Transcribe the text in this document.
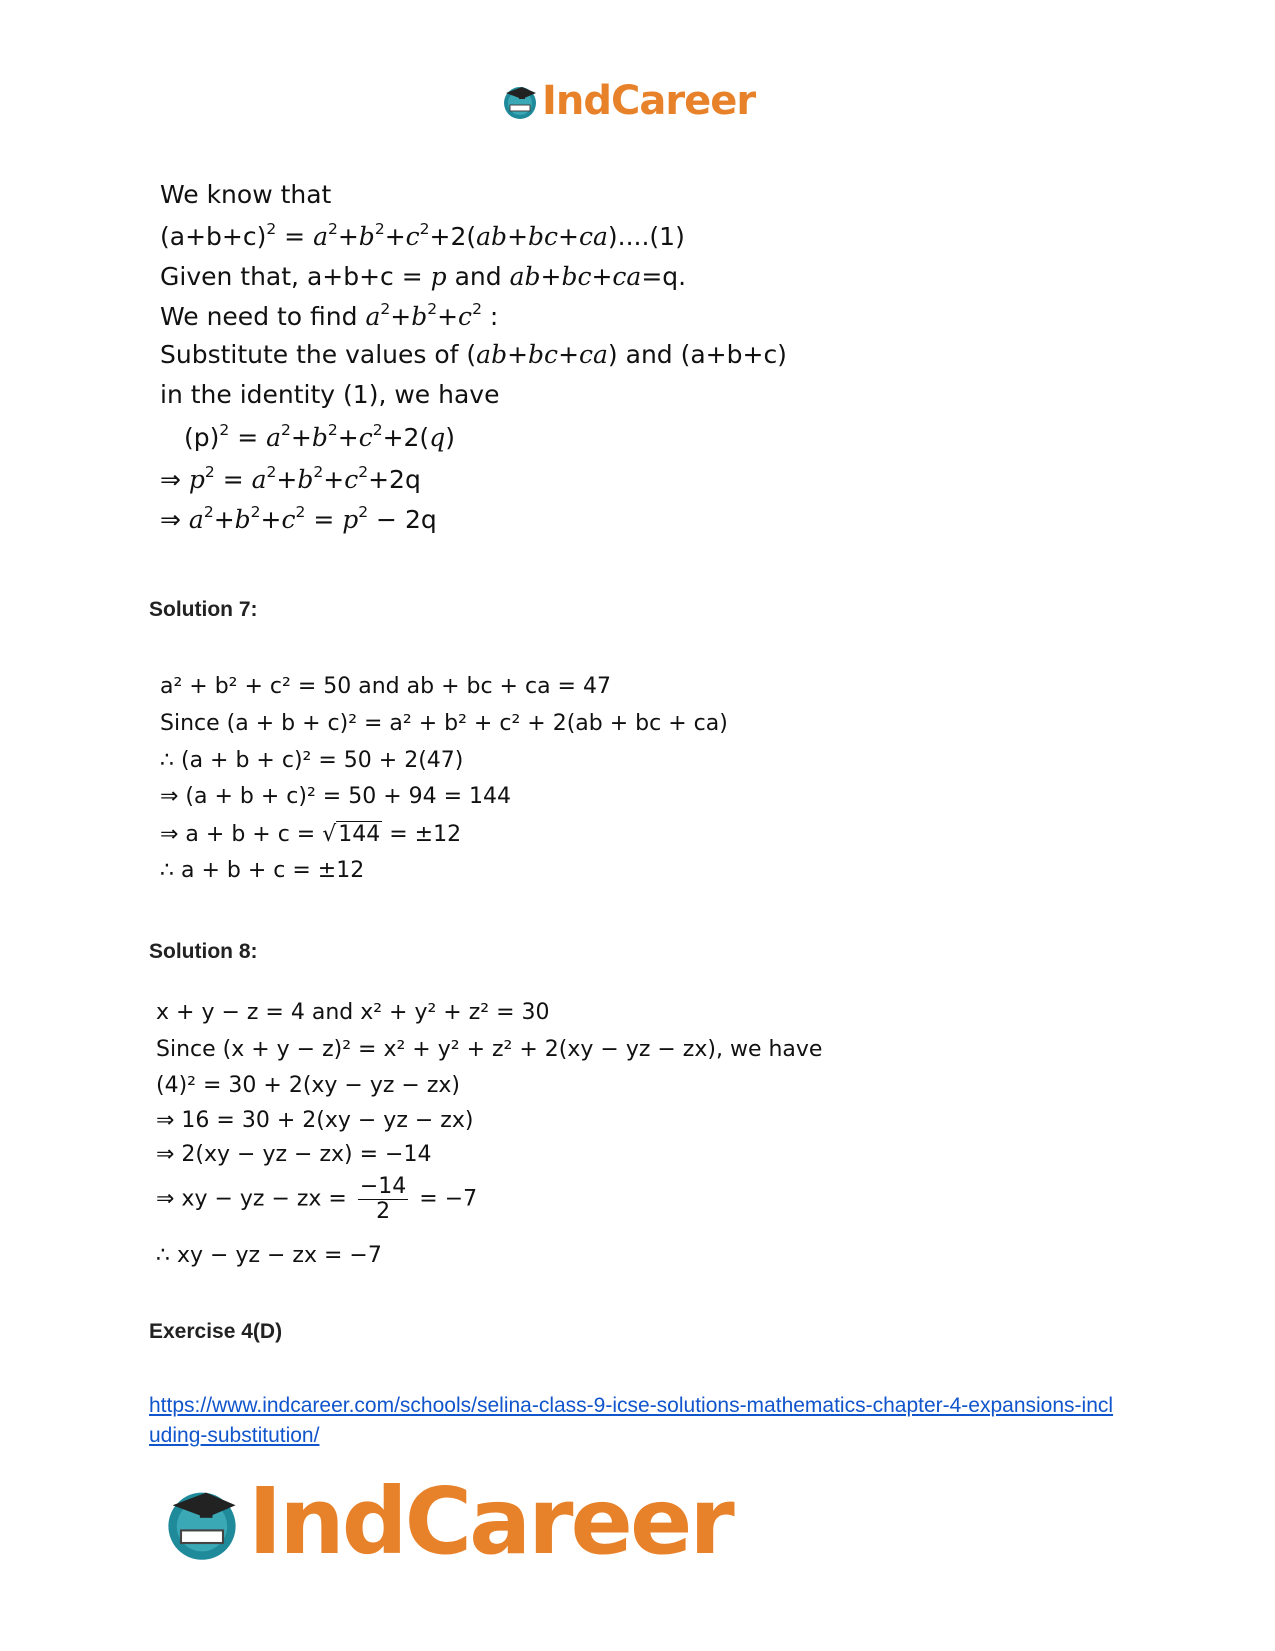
IndCareer
We know that
$(a+b+c)^2 = a^2+b^2+c^2+2(ab+bc+ca)....(1)$
Given that, a+b+c = p and ab+bc+ca=q.
We need to find $a^2+b^2+c^2$ :
Substitute the values of (ab+bc+ca) and (a+b+c)
in the identity (1), we have
$(p)^2 = a^2+b^2+c^2+2(q)$
⇒ $p^2 = a^2+b^2+c^2+2q$
⇒ $a^2+b^2+c^2 = p^2 - 2q$
Solution 7:
a² + b² + c² = 50 and ab + bc + ca = 47
Since (a + b + c)² = a² + b² + c² + 2(ab + bc + ca)
∴ (a + b + c)² = 50 + 2(47)
⇒ (a + b + c)² = 50 + 94 = 144
⇒ a + b + c = √144 = ±12
∴ a + b + c = ±12
Solution 8:
x + y − z = 4 and x² + y² + z² = 30
Since (x + y − z)² = x² + y² + z² + 2(xy − yz − zx), we have
(4)² = 30 + 2(xy − yz − zx)
⇒ 16 = 30 + 2(xy − yz − zx)
⇒ 2(xy − yz − zx) = −14
⇒ xy − yz − zx = $\frac{-14}{2} = -7$
∴ xy − yz − zx = −7
Exercise 4(D)
https://www.indcareer.com/schools/selina-class-9-icse-solutions-mathematics-chapter-4-expansions-including-substitution/
IndCareer
